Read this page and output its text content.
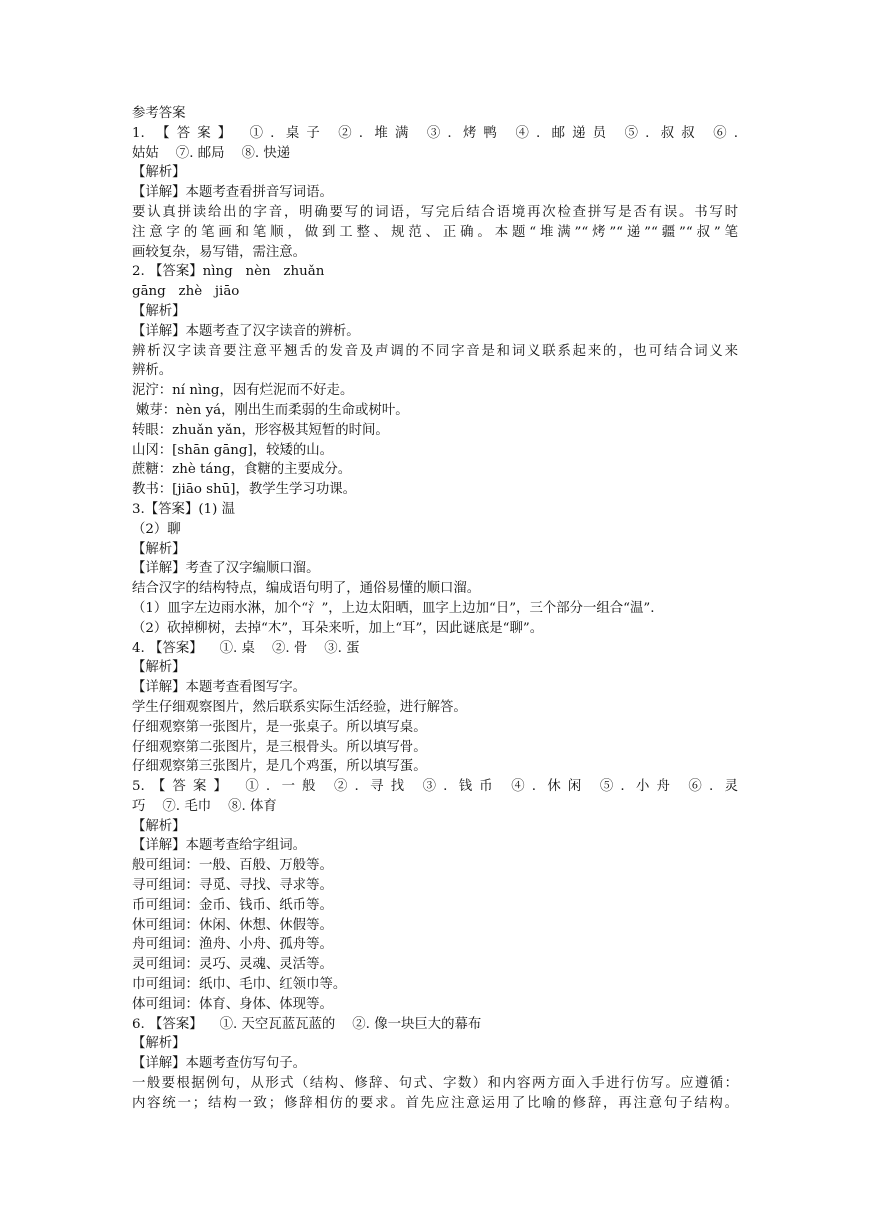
参考答案
1. 【答案】 ①. 桌子 ②. 堆满 ③. 烤鸭 ④. 邮递员 ⑤. 叔叔 ⑥.
姑姑    ⑦. 邮局    ⑧. 快递
【解析】
【详解】本题考查看拼音写词语。
要认真拼读给出的字音，明确要写的词语，写完后结合语境再次检查拼写是否有误。书写时
注意字的笔画和笔顺，做到工整、规范、正确。本题“堆满”“烤”“递”“疆”“叔”笔
画较复杂，易写错，需注意。
2. 【答案】nìng   nèn   zhuǎn
gāng   zhè   jiāo
【解析】
【详解】本题考查了汉字读音的辨析。
辨析汉字读音要注意平翘舌的发音及声调的不同字音是和词义联系起来的，也可结合词义来
辨析。
泥泞：ní nìng，因有烂泥而不好走。
嫩芽：nèn yá，刚出生而柔弱的生命或树叶。
转眼：zhuǎn yǎn，形容极其短暂的时间。
山冈：[shān gāng]，较矮的山。
蔗糖：zhè táng，食糖的主要成分。
教书：[jiāo shū]，教学生学习功课。
3.【答案】(1) 温
（2）聊
【解析】
【详解】考查了汉字编顺口溜。
结合汉字的结构特点，编成语句明了，通俗易懂的顺口溜。
（1）皿字左边雨水淋，加个“氵”，上边太阳晒，皿字上边加“日”，三个部分一组合“温”.
（2）砍掉柳树，去掉“木”，耳朵来听，加上“耳”，因此谜底是“聊”。
4. 【答案】    ①. 桌    ②. 骨    ③. 蛋
【解析】
【详解】本题考查看图写字。
学生仔细观察图片，然后联系实际生活经验，进行解答。
仔细观察第一张图片，是一张桌子。所以填写桌。
仔细观察第二张图片，是三根骨头。所以填写骨。
仔细观察第三张图片，是几个鸡蛋，所以填写蛋。
5.【答案】 ①. 一般 ②. 寻找 ③. 钱币 ④. 休闲 ⑤. 小舟 ⑥. 灵
巧    ⑦. 毛巾    ⑧. 体育
【解析】
【详解】本题考查给字组词。
般可组词：一般、百般、万般等。
寻可组词：寻觅、寻找、寻求等。
币可组词：金币、钱币、纸币等。
休可组词：休闲、休想、休假等。
舟可组词：渔舟、小舟、孤舟等。
灵可组词：灵巧、灵魂、灵活等。
巾可组词：纸巾、毛巾、红领巾等。
体可组词：体育、身体、体现等。
6. 【答案】    ①. 天空瓦蓝瓦蓝的    ②. 像一块巨大的幕布
【解析】
【详解】本题考查仿写句子。
一般要根据例句，从形式（结构、修辞、句式、字数）和内容两方面入手进行仿写。应遵循：
内容统一；结构一致；修辞相仿的要求。首先应注意运用了比喻的修辞，再注意句子结构。
